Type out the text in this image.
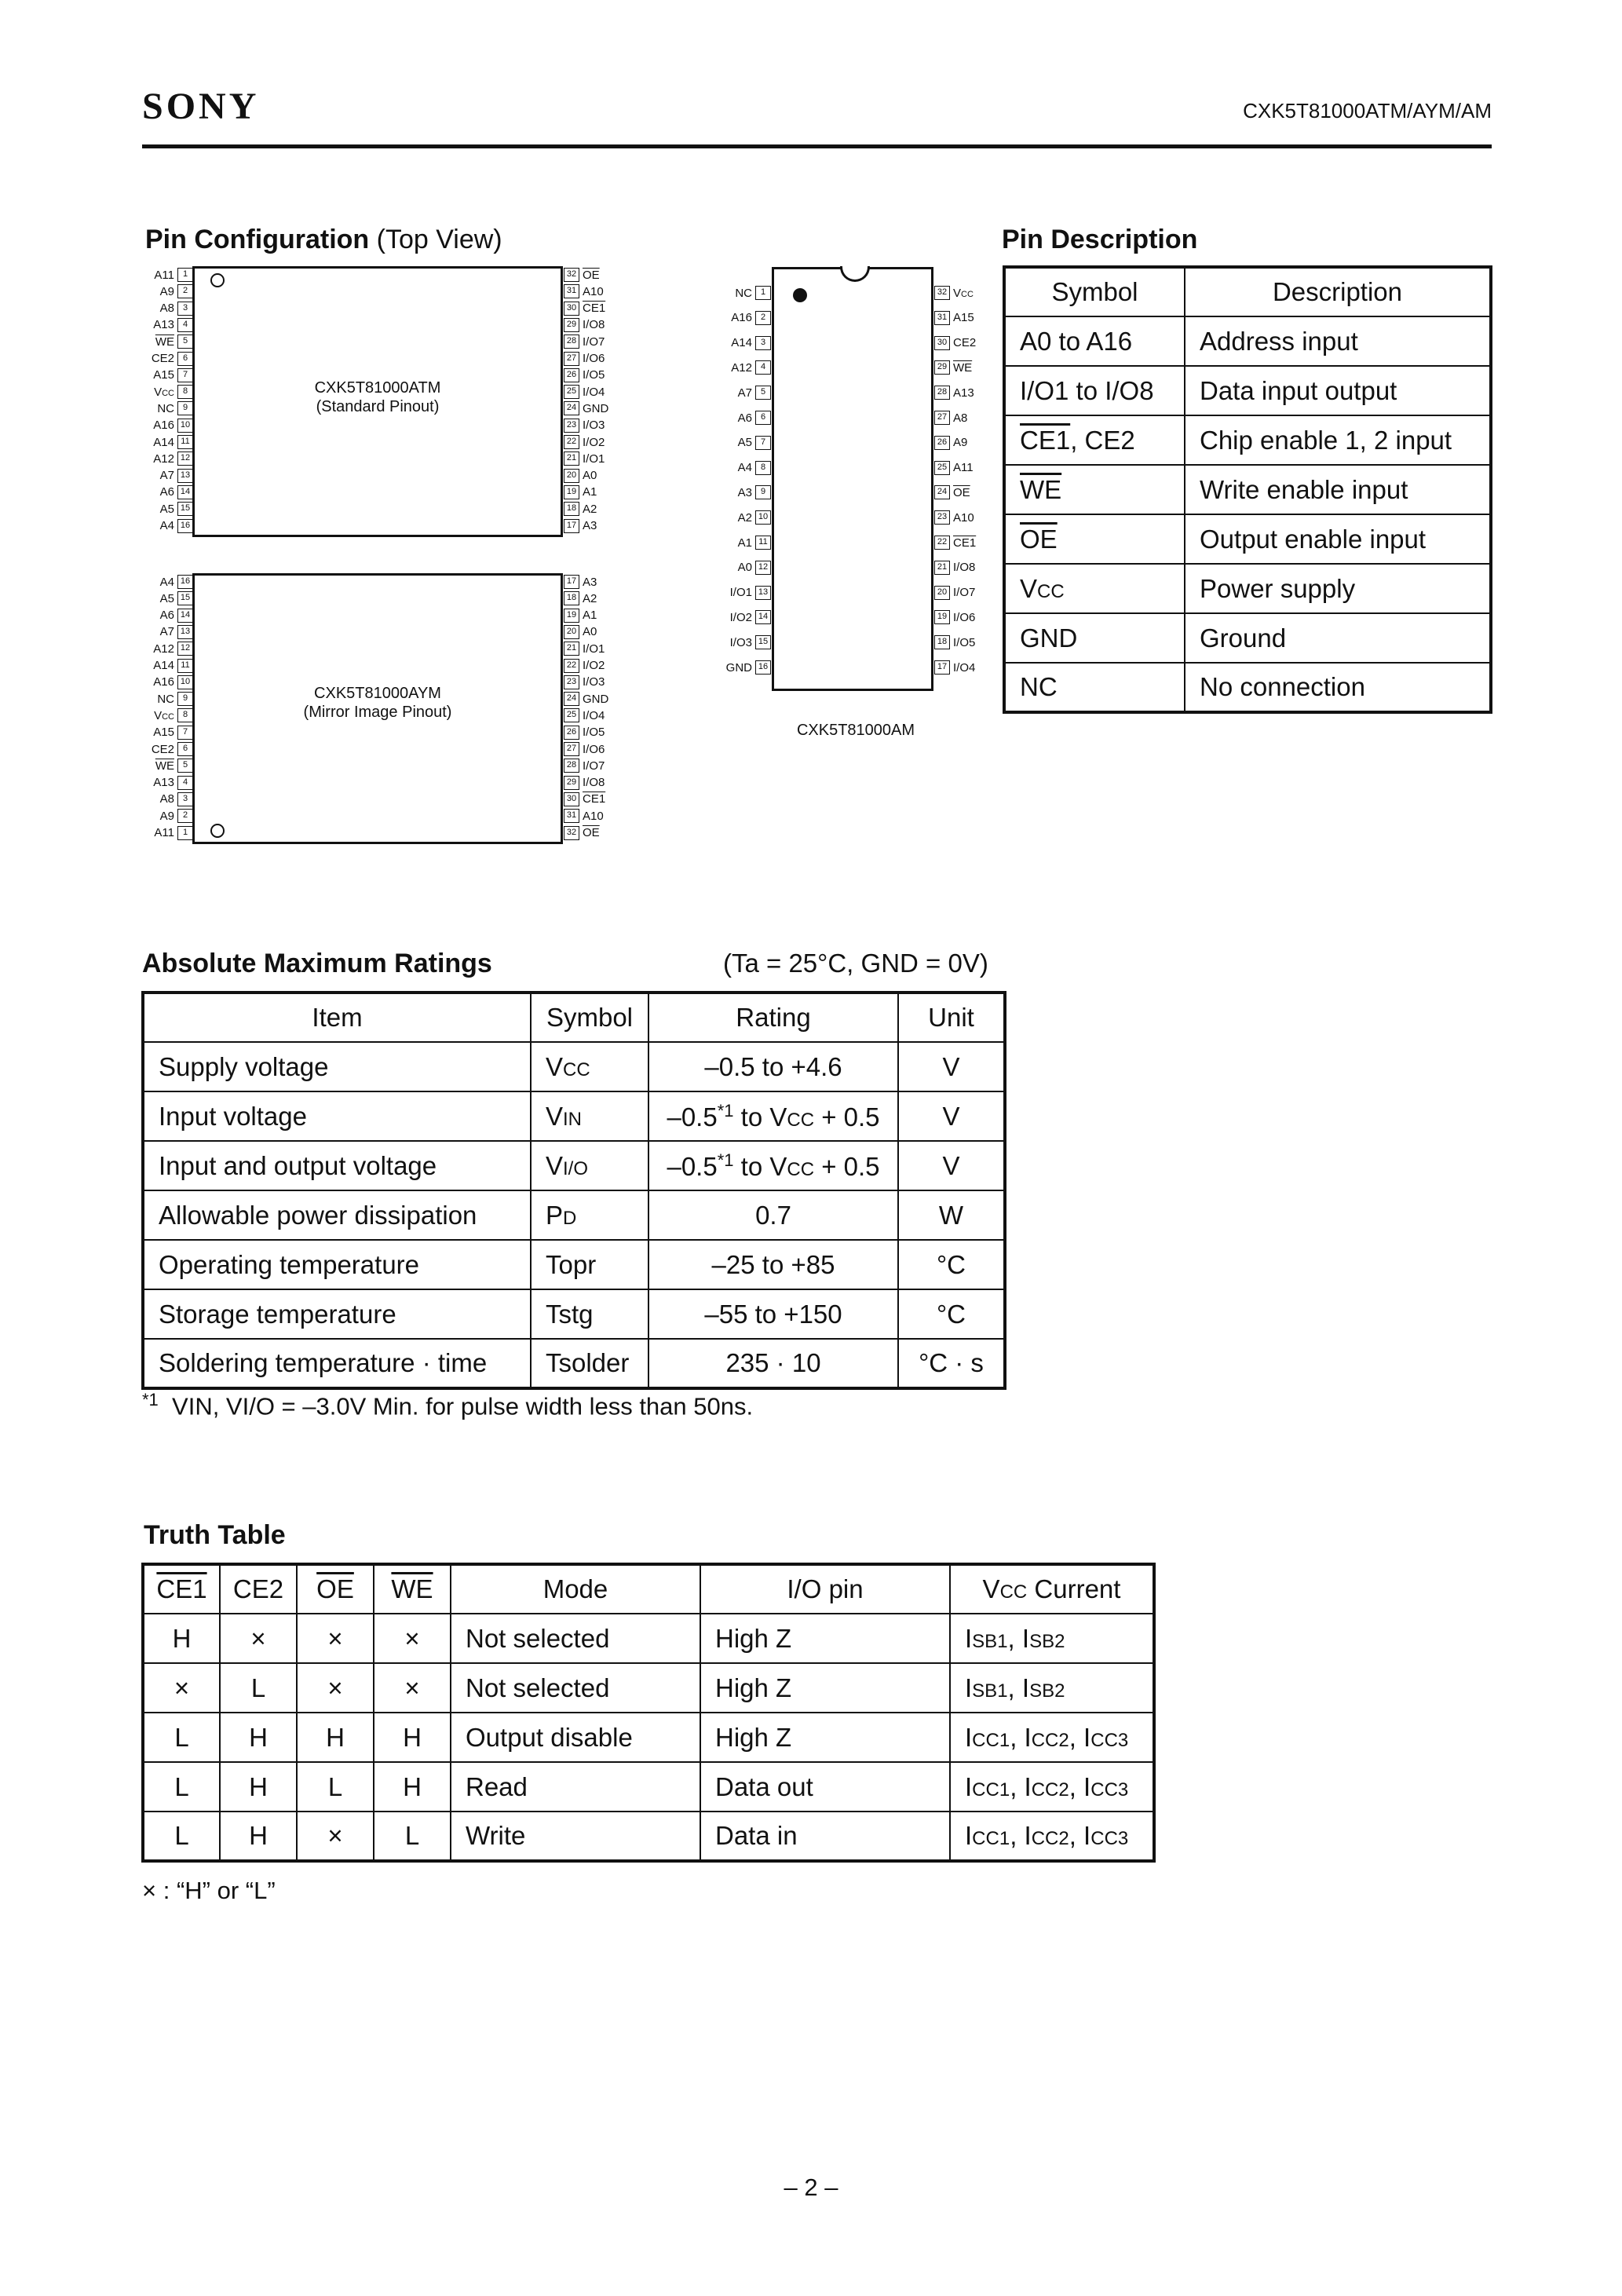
SONY	CXK5T81000ATM/AYM/AM
Pin Configuration (Top View)
CXK5T81000ATM
(Standard Pinout)
A11 1
A9 2
A8 3
A13 4
$\overline{WE}$ 5
CE2 6
A15 7
VCC 8
NC 9
A16 10
A14 11
A12 12
A7 13
A6 14
A5 15
A4 16
32 $\overline{OE}$
31 A10
30 CE1
29 I/O8
28 I/O7
27 I/O6
26 I/O5
25 I/O4
24 GND
23 I/O3
22 I/O2
21 I/O1
20 A0
19 A1
18 A2
17 A3
CXK5T81000AYM
(Mirror Image Pinout)
A4 16
A5 15
A6 14
A7 13
A12 12
A14 11
A16 10
NC 9
VCC 8
A15 7
CE2 6
$\overline{WE}$ 5
A13 4
A8 3
A9 2
A11 1
17 A3
18 A2
19 A1
20 A0
21 I/O1
22 I/O2
23 I/O3
24 GND
25 I/O4
26 I/O5
27 I/O6
28 I/O7
29 I/O8
30 CE1
31 A10
32 $\overline{OE}$
NC 1
A16 2
A14 3
A12 4
A7 5
A6 6
A5 7
A4 8
A3 9
A2 10
A1 11
A0 12
I/O1 13
I/O2 14
I/O3 15
GND 16
32 VCC
31 A15
30 CE2
29 $\overline{WE}$
28 A13
27 A8
26 A9
25 A11
24 $\overline{OE}$
23 A10
22 CE1
21 I/O8
20 I/O7
19 I/O6
18 I/O5
17 I/O4
CXK5T81000AM
Pin Description
Symbol	Description
A0 to A16	Address input
I/O1 to I/O8	Data input output
CE1, CE2	Chip enable 1, 2 input
$\overline{WE}$	Write enable input
$\overline{OE}$	Output enable input
VCC	Power supply
GND	Ground
NC	No connection
Absolute Maximum Ratings	(Ta = 25°C, GND = 0V)
Item	Symbol	Rating	Unit
Supply voltage	VCC	–0.5 to +4.6	V
Input voltage	VIN	–0.5$^{*1}$ to VCC + 0.5	V
Input and output voltage	VI/O	–0.5$^{*1}$ to VCC + 0.5	V
Allowable power dissipation	PD	0.7	W
Operating temperature	Topr	–25 to +85	°C
Storage temperature	Tstg	–55 to +150	°C
Soldering temperature · time	Tsolder	235 · 10	°C · s
$^{*1}$ VIN, VI/O = –3.0V Min. for pulse width less than 50ns.
Truth Table
CE1	CE2	$\overline{OE}$	$\overline{WE}$	Mode	I/O pin	VCC Current
H	×	×	×	Not selected	High Z	ISB1, ISB2
×	L	×	×	Not selected	High Z	ISB1, ISB2
L	H	H	H	Output disable	High Z	ICC1, ICC2, ICC3
L	H	L	H	Read	Data out	ICC1, ICC2, ICC3
L	H	×	L	Write	Data in	ICC1, ICC2, ICC3
× : “H” or “L”
– 2 –
